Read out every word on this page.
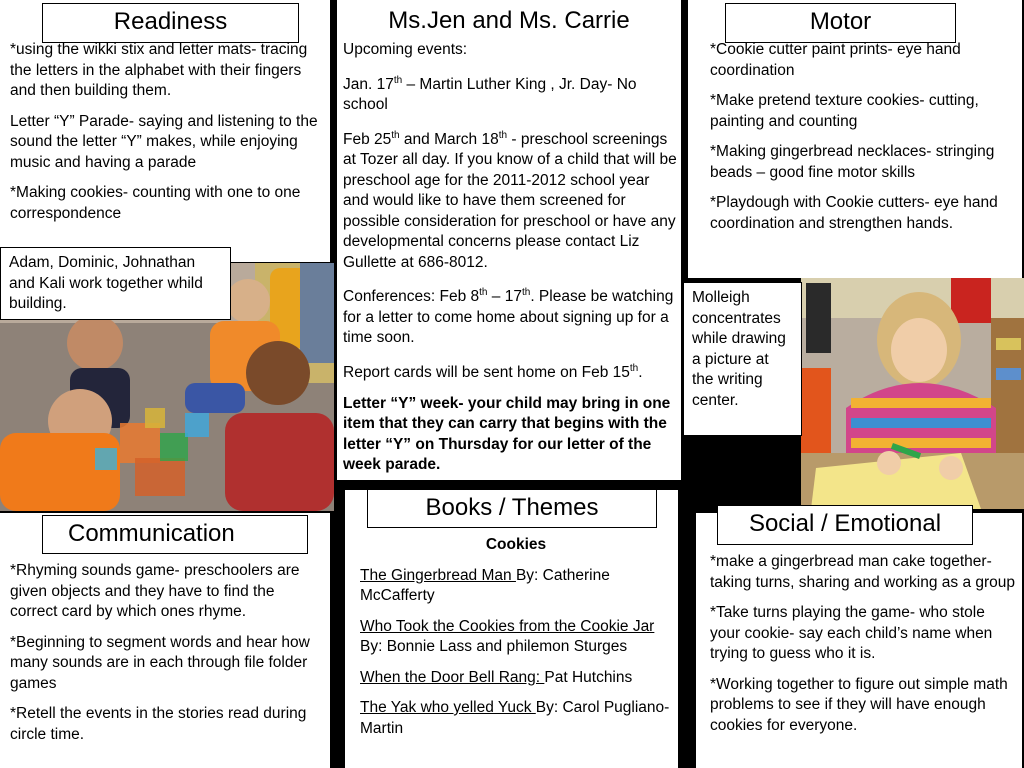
Readiness

*using the wikki stix and letter mats- tracing the letters in the alphabet with their fingers and then building them.

Letter “Y” Parade- saying and listening to the sound the letter “Y” makes, while enjoying music and having a parade

*Making cookies- counting with one to one correspondence

Adam, Dominic, Johnathan and Kali work together whild building.
Ms.Jen and Ms. Carrie

Upcoming events:

Jan. 17th – Martin Luther King , Jr. Day- No school

Feb 25th and March 18th - preschool screenings at Tozer all day. If you know of a child that will be preschool age for the 2011-2012 school year and would like to have them screened for possible consideration for preschool or have any developmental concerns please contact Liz Gullette at 686-8012.

Conferences: Feb 8th – 17th. Please be watching for a letter to come home about signing up for a time soon.

Report cards will be sent home on Feb 15th.

Letter “Y” week- your child may bring in one item that they can carry that begins with the letter “Y” on Thursday for our letter of the week parade.

Motor

*Cookie cutter paint prints- eye hand coordination

*Make pretend texture cookies- cutting, painting and counting

*Making gingerbread necklaces- stringing beads – good fine motor skills

*Playdough with Cookie cutters- eye hand coordination and strengthen hands.

Molleigh concentrates while drawing a picture at the writing center.
Communication

*Rhyming sounds game- preschoolers are given objects and they have to find the correct card by which ones rhyme.

*Beginning to segment words and hear how many sounds are in each through file folder games

*Retell the events in the stories read during circle time.

Books / Themes

Cookies

The Gingerbread Man By: Catherine McCafferty

Who Took the Cookies from the Cookie Jar By: Bonnie Lass and philemon Sturges

When the Door Bell Rang: Pat Hutchins

The Yak who yelled Yuck By: Carol Pugliano-Martin

Social / Emotional

*make a gingerbread man cake together- taking turns, sharing and working as a group

*Take turns playing the game- who stole your cookie- say each child’s name when trying to guess who it is.

*Working together to figure out simple math problems to see if they will have enough cookies for everyone.
